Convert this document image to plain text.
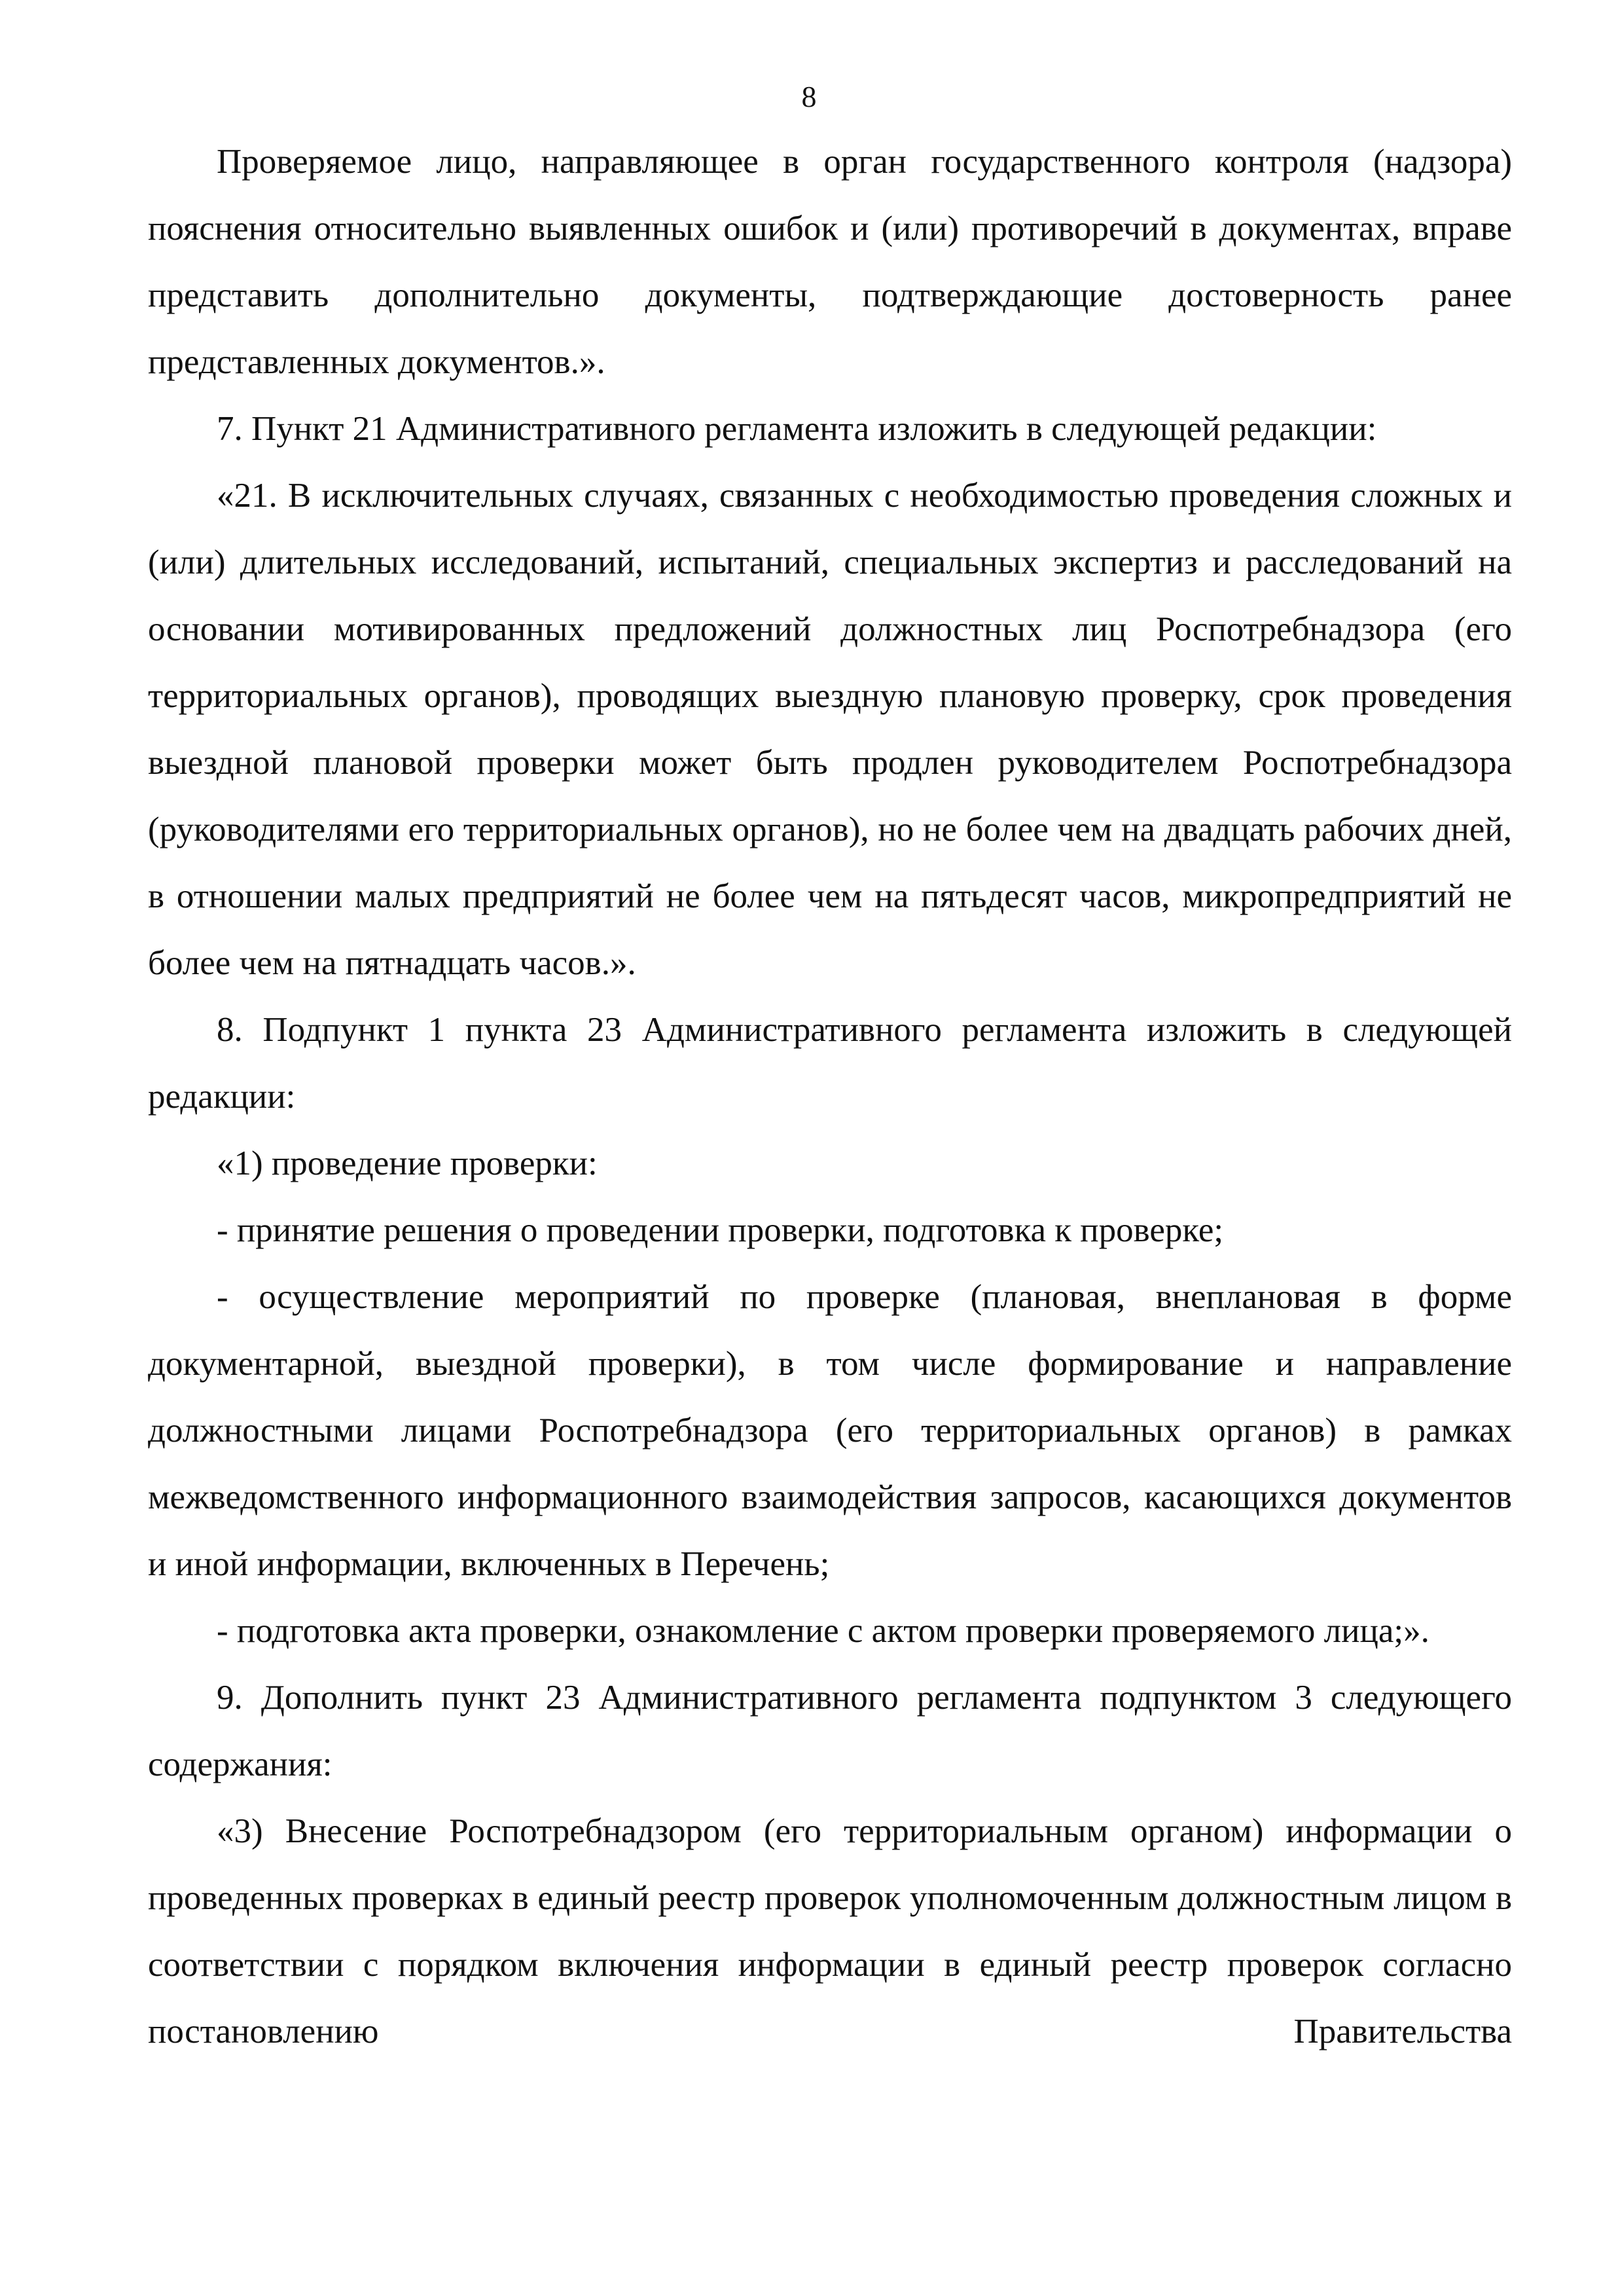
8

Проверяемое лицо, направляющее в орган государственного контроля (надзора) пояснения относительно выявленных ошибок и (или) противоречий в документах, вправе представить дополнительно документы, подтверждающие достоверность ранее представленных документов.».

7. Пункт 21 Административного регламента изложить в следующей редакции:

«21. В исключительных случаях, связанных с необходимостью проведения сложных и (или) длительных исследований, испытаний, специальных экспертиз и расследований на основании мотивированных предложений должностных лиц Роспотребнадзора (его территориальных органов), проводящих выездную плановую проверку, срок проведения выездной плановой проверки может быть продлен руководителем Роспотребнадзора (руководителями его территориальных органов), но не более чем на двадцать рабочих дней, в отношении малых предприятий не более чем на пятьдесят часов, микропредприятий не более чем на пятнадцать часов.».

8. Подпункт 1 пункта 23 Административного регламента изложить в следующей редакции:

«1) проведение проверки:

- принятие решения о проведении проверки, подготовка к проверке;

- осуществление мероприятий по проверке (плановая, внеплановая в форме документарной, выездной проверки), в том числе формирование и направление должностными лицами Роспотребнадзора (его территориальных органов) в рамках межведомственного информационного взаимодействия запросов, касающихся документов и иной информации, включенных в Перечень;

- подготовка акта проверки, ознакомление с актом проверки проверяемого лица;».

9. Дополнить пункт 23 Административного регламента подпунктом 3 следующего содержания:

«3) Внесение Роспотребнадзором (его территориальным органом) информации о проведенных проверках в единый реестр проверок уполномоченным должностным лицом в соответствии с порядком включения информации в единый реестр проверок согласно постановлению Правительства
